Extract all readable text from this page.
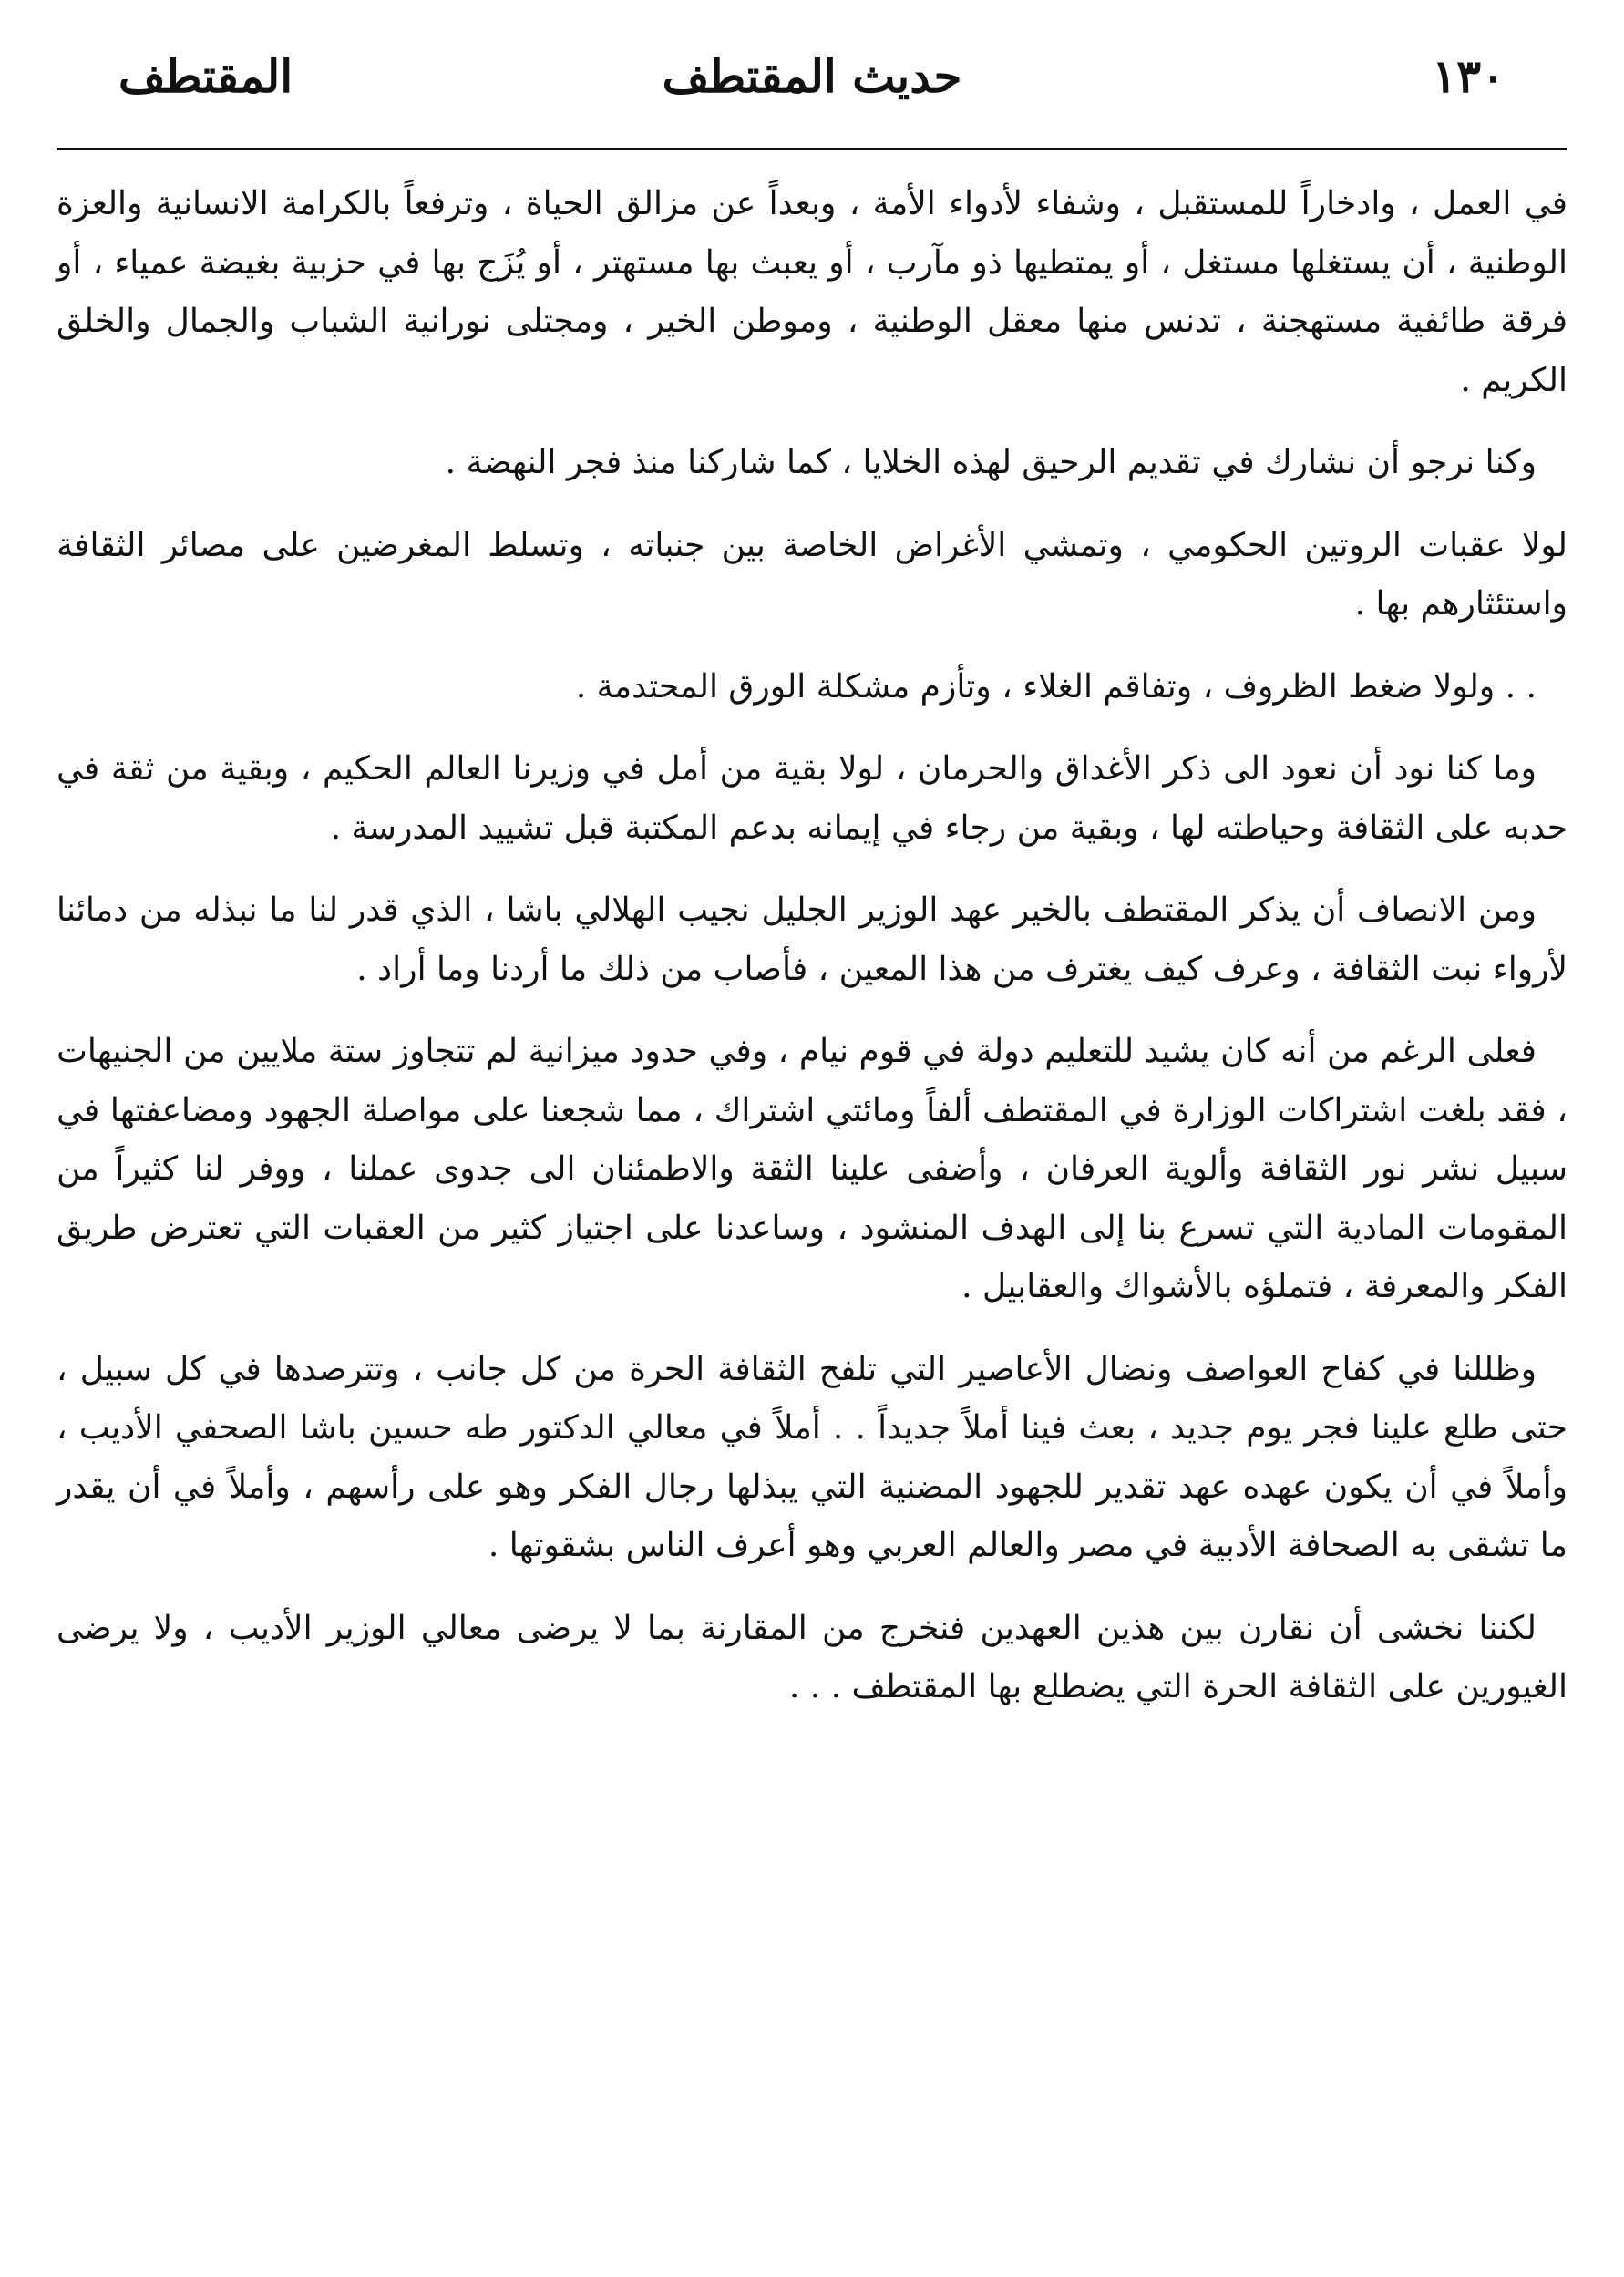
١٣٠
حديث المقتطف
المقتطف

في العمل ، وادخاراً للمستقبل ، وشفاء لأدواء الأمة ، وبعداً عن مزالق الحياة ، وترفعاً بالكرامة الانسانية والعزة الوطنية ، أن يستغلها مستغل ، أو يمتطيها ذو مآرب ، أو يعبث بها مستهتر ، أو يُزَج بها في حزبية بغيضة عمياء ، أو فرقة طائفية مستهجنة ، تدنس منها معقل الوطنية ، وموطن الخير ، ومجتلى نورانية الشباب والجمال والخلق الكريم .

وكنا نرجو أن نشارك في تقديم الرحيق لهذه الخلايا ، كما شاركنا منذ فجر النهضة .

لولا عقبات الروتين الحكومي ، وتمشي الأغراض الخاصة بين جنباته ، وتسلط المغرضين على مصائر الثقافة واستئثارهم بها .

. . ولولا ضغط الظروف ، وتفاقم الغلاء ، وتأزم مشكلة الورق المحتدمة .

وما كنا نود أن نعود الى ذكر الأغداق والحرمان ، لولا بقية من أمل في وزيرنا العالم الحكيم ، وبقية من ثقة في حدبه على الثقافة وحياطته لها ، وبقية من رجاء في إيمانه بدعم المكتبة قبل تشييد المدرسة .

ومن الانصاف أن يذكر المقتطف بالخير عهد الوزير الجليل نجيب الهلالي باشا ، الذي قدر لنا ما نبذله من دمائنا لأرواء نبت الثقافة ، وعرف كيف يغترف من هذا المعين ، فأصاب من ذلك ما أردنا وما أراد .

فعلى الرغم من أنه كان يشيد للتعليم دولة في قوم نيام ، وفي حدود ميزانية لم تتجاوز ستة ملايين من الجنيهات ، فقد بلغت اشتراكات الوزارة في المقتطف ألفاً ومائتي اشتراك ، مما شجعنا على مواصلة الجهود ومضاعفتها في سبيل نشر نور الثقافة وألوية العرفان ، وأضفى علينا الثقة والاطمئنان الى جدوى عملنا ، ووفر لنا كثيراً من المقومات المادية التي تسرع بنا إلى الهدف المنشود ، وساعدنا على اجتياز كثير من العقبات التي تعترض طريق الفكر والمعرفة ، فتملؤه بالأشواك والعقابيل .

وظللنا في كفاح العواصف ونضال الأعاصير التي تلفح الثقافة الحرة من كل جانب ، وتترصدها في كل سبيل ، حتى طلع علينا فجر يوم جديد ، بعث فينا أملاً جديداً . . أملاً في معالي الدكتور طه حسين باشا الصحفي الأديب ، وأملاً في أن يكون عهده عهد تقدير للجهود المضنية التي يبذلها رجال الفكر وهو على رأسهم ، وأملاً في أن يقدر ما تشقى به الصحافة الأدبية في مصر والعالم العربي وهو أعرف الناس بشقوتها .

لكننا نخشى أن نقارن بين هذين العهدين فنخرج من المقارنة بما لا يرضى معالي الوزير الأديب ، ولا يرضى الغيورين على الثقافة الحرة التي يضطلع بها المقتطف . . .
